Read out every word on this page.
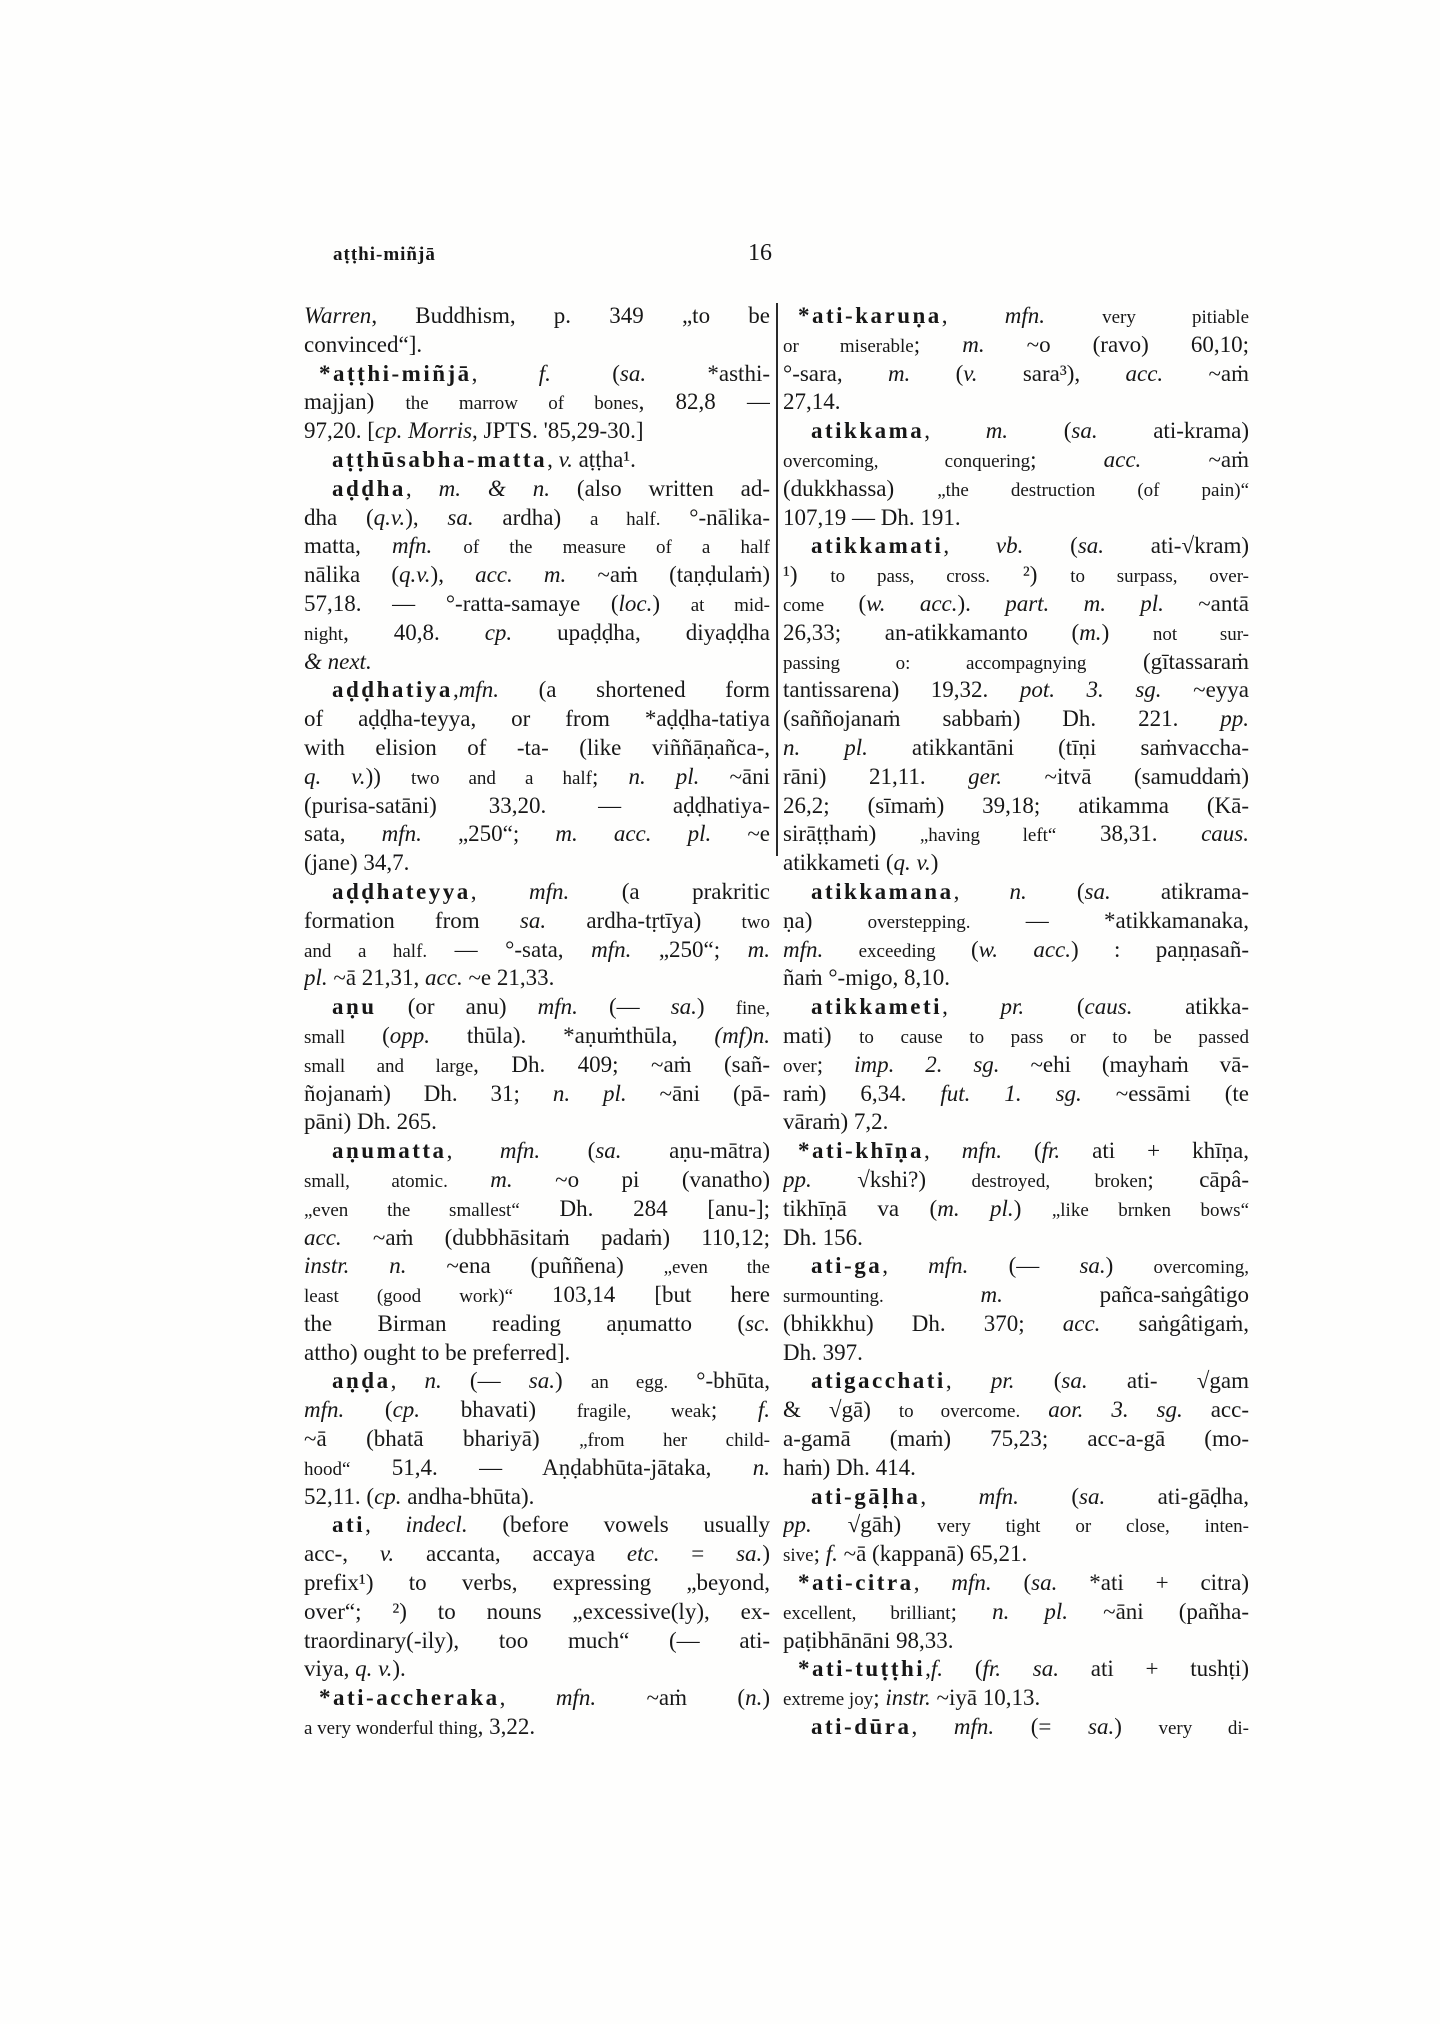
aṭṭhi-miñjā	16
Warren, Buddhism, p. 349 „to be
convinced“].
*aṭṭhi-miñjā, f. (sa. *asthi-
majjan) the marrow of bones, 82,8 —
97,20. [cp. Morris, JPTS. '85,29-30.]
aṭṭhūsabha-matta, v. aṭṭha¹.
aḍḍha, m. & n. (also written ad-
dha (q.v.), sa. ardha) a half. °-nālika-
matta, mfn. of the measure of a half
nālika (q.v.), acc. m. ~aṁ (taṇḍulaṁ)
57,18. — °-ratta-samaye (loc.) at mid-
night, 40,8. cp. upaḍḍha, diyaḍḍha
& next.
aḍḍhatiya,mfn. (a shortened form
of aḍḍha-teyya, or from *aḍḍha-tatiya
with elision of -ta- (like viññāṇañca-,
q. v.)) two and a half; n. pl. ~āni
(purisa-satāni) 33,20. — aḍḍhatiya-
sata, mfn. „250“; m. acc. pl. ~e
(jane) 34,7.
aḍḍhateyya, mfn. (a prakritic
formation from sa. ardha-tṛtīya) two
and a half. — °-sata, mfn. „250“; m.
pl. ~ā 21,31, acc. ~e 21,33.
aṇu (or anu) mfn. (— sa.) fine,
small (opp. thūla). *aṇuṁthūla, (mf)n.
small and large, Dh. 409; ~aṁ (sañ-
ñojanaṁ) Dh. 31; n. pl. ~āni (pā-
pāni) Dh. 265.
aṇumatta, mfn. (sa. aṇu-mātra)
small, atomic. m. ~o pi (vanatho)
„even the smallest“ Dh. 284 [anu-];
acc. ~aṁ (dubbhāsitaṁ padaṁ) 110,12;
instr. n. ~ena (puññena) „even the
least (good work)“ 103,14 [but here
the Birman reading aṇumatto (sc.
attho) ought to be preferred].
aṇḍa, n. (— sa.) an egg. °-bhūta,
mfn. (cp. bhavati) fragile, weak; f.
~ā (bhatā bhariyā) „from her child-
hood“ 51,4. — Aṇḍabhūta-jātaka, n.
52,11. (cp. andha-bhūta).
ati, indecl. (before vowels usually
acc-, v. accanta, accaya etc. = sa.)
prefix¹) to verbs, expressing „beyond,
over“; ²) to nouns „excessive(ly), ex-
traordinary(-ily), too much“ (— ati-
viya, q. v.).
*ati-accheraka, mfn. ~aṁ (n.)
a very wonderful thing, 3,22.
*ati-karuṇa, mfn.	very pitiable
or miserable; m. ~o (ravo) 60,10;
°-sara, m. (v. sara³), acc. ~aṁ
27,14.
atikkama, m. (sa. ati-krama)
overcoming, conquering; acc. ~aṁ
(dukkhassa) „the destruction (of pain)“
107,19 — Dh. 191.
atikkamati, vb. (sa. ati-√kram)
¹) to pass, cross. ²) to surpass, over-
come (w. acc.). part. m. pl. ~antā
26,33; an-atikkamanto (m.) not sur-
passing o: accompagnying (gītassaraṁ
tantissarena) 19,32. pot. 3. sg. ~eyya
(saññojanaṁ sabbaṁ) Dh. 221. pp.
n. pl. atikkantāni (tīṇi saṁvaccha-
rāni) 21,11. ger. ~itvā (samuddaṁ)
26,2; (sīmaṁ) 39,18; atikamma (Kā-
sirāṭṭhaṁ) „having left“ 38,31. caus.
atikkameti (q. v.)
atikkamana, n. (sa. atikrama-
ṇa) overstepping. — *atikkamanaka,
mfn. exceeding (w. acc.) : paṇṇasañ-
ñaṁ °-migo, 8,10.
atikkameti, pr. (caus. atikka-
mati) to cause to pass or to be passed
over; imp. 2. sg. ~ehi (mayhaṁ vā-
raṁ) 6,34. fut. 1. sg. ~essāmi (te
vāraṁ) 7,2.
*ati-khīṇa, mfn. (fr. ati + khīṇa,
pp. √kshi?) destroyed, broken; cāpâ-
tikhīṇā va (m. pl.) „like brnken bows“
Dh. 156.
ati-ga, mfn. (— sa.) overcoming,
surmounting.	m. pañca-saṅgâtigo
(bhikkhu) Dh. 370; acc. saṅgâtigaṁ,
Dh. 397.
atigacchati, pr. (sa. ati- √gam
& √gā) to overcome. aor. 3. sg. acc-
a-gamā (maṁ) 75,23; acc-a-gā (mo-
haṁ) Dh. 414.
ati-gāḷha, mfn. (sa. ati-gāḍha,
pp. √gāh) very tight or close, inten-
sive; f. ~ā (kappanā) 65,21.
*ati-citra, mfn. (sa. *ati + citra)
excellent, brilliant; n. pl. ~āni (pañha-
paṭibhānāni 98,33.
*ati-tuṭṭhi,f. (fr. sa. ati + tushṭi)
extreme joy; instr. ~iyā 10,13.
ati-dūra, mfn. (= sa.) very di-
